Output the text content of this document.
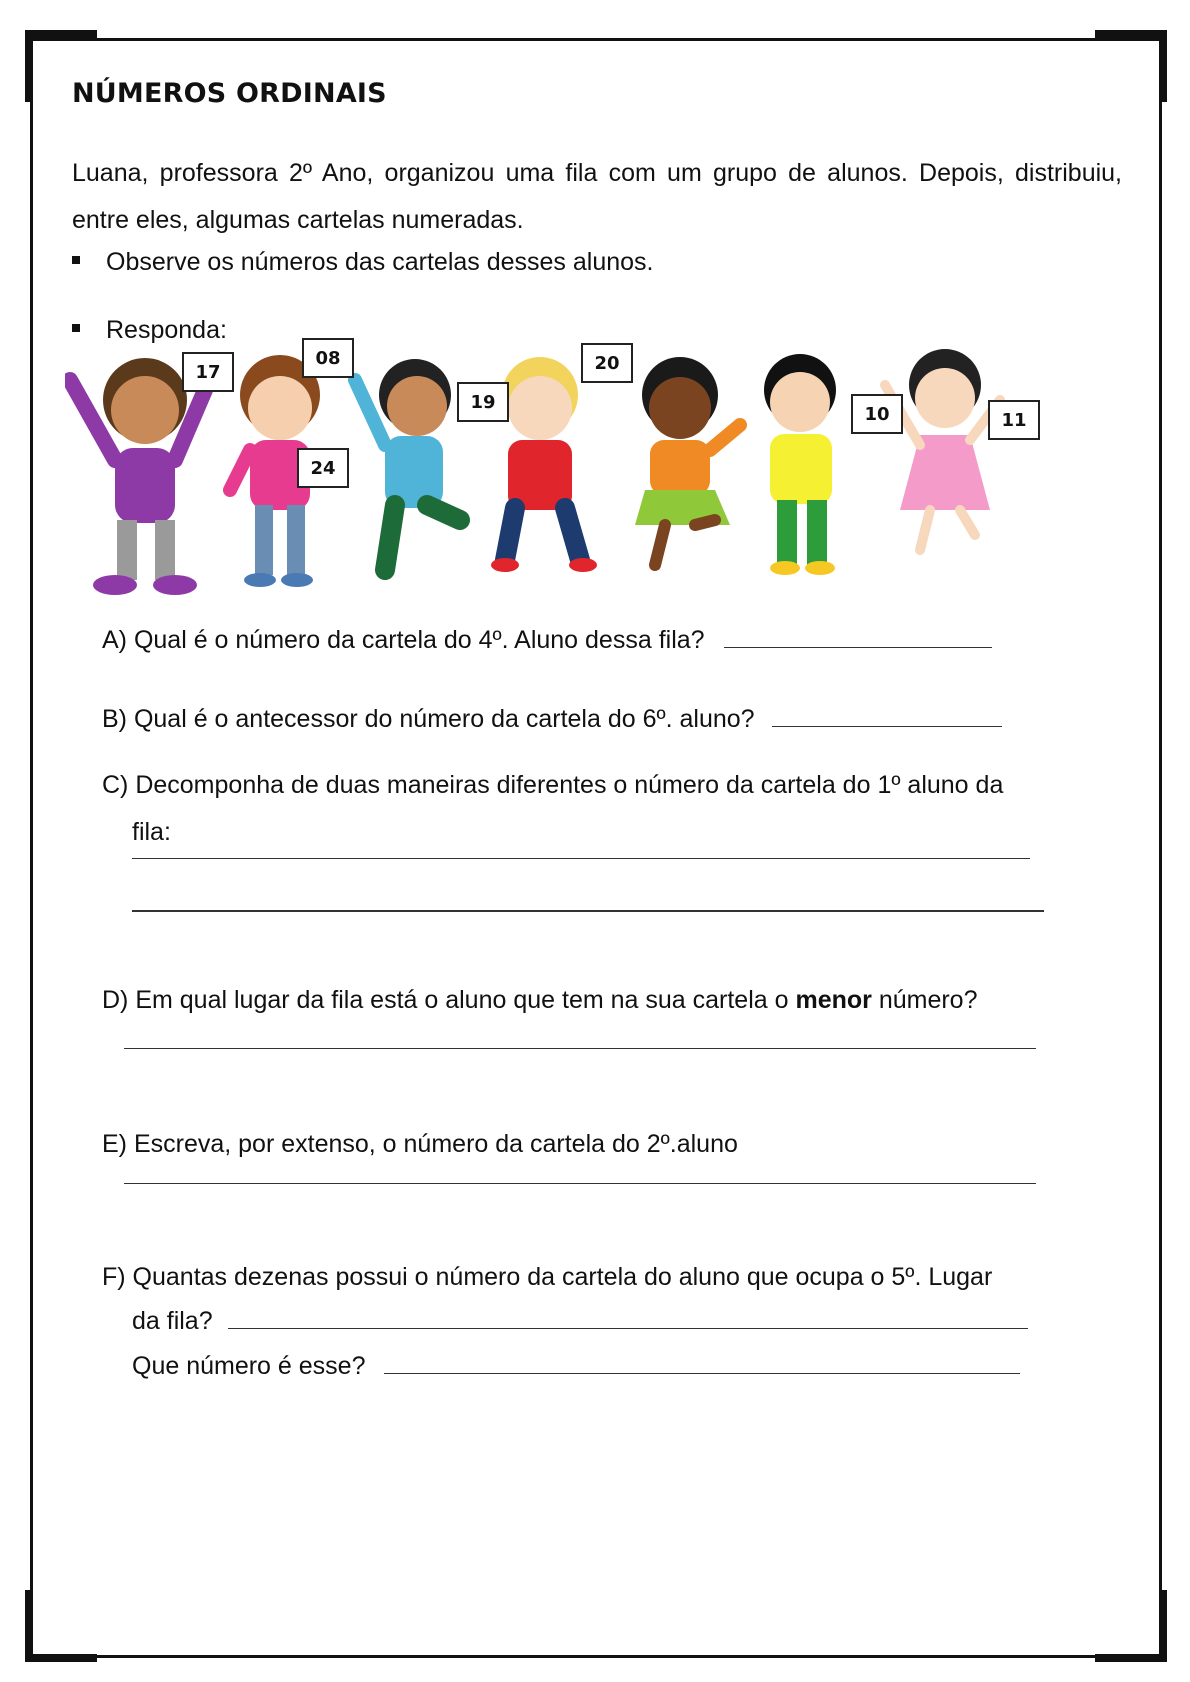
NÚMEROS ORDINAIS
Luana, professora 2º Ano, organizou uma fila com um grupo de alunos. Depois, distribuiu, entre eles, algumas cartelas numeradas.
Observe os números das cartelas desses alunos.
Responda:
17
08
24
19
20
10	11
A) Qual é o número da cartela do 4º. Aluno dessa fila?
B) Qual é o antecessor do número da cartela do 6º. aluno?
C) Decomponha de duas maneiras diferentes o número da cartela do 1º aluno da
fila:
D) Em qual lugar da fila está o aluno que tem na sua cartela o menor número?
E) Escreva, por extenso, o número da cartela do 2º.aluno
F) Quantas dezenas possui o número da cartela do aluno que ocupa o 5º. Lugar
da fila?
Que número é esse?
